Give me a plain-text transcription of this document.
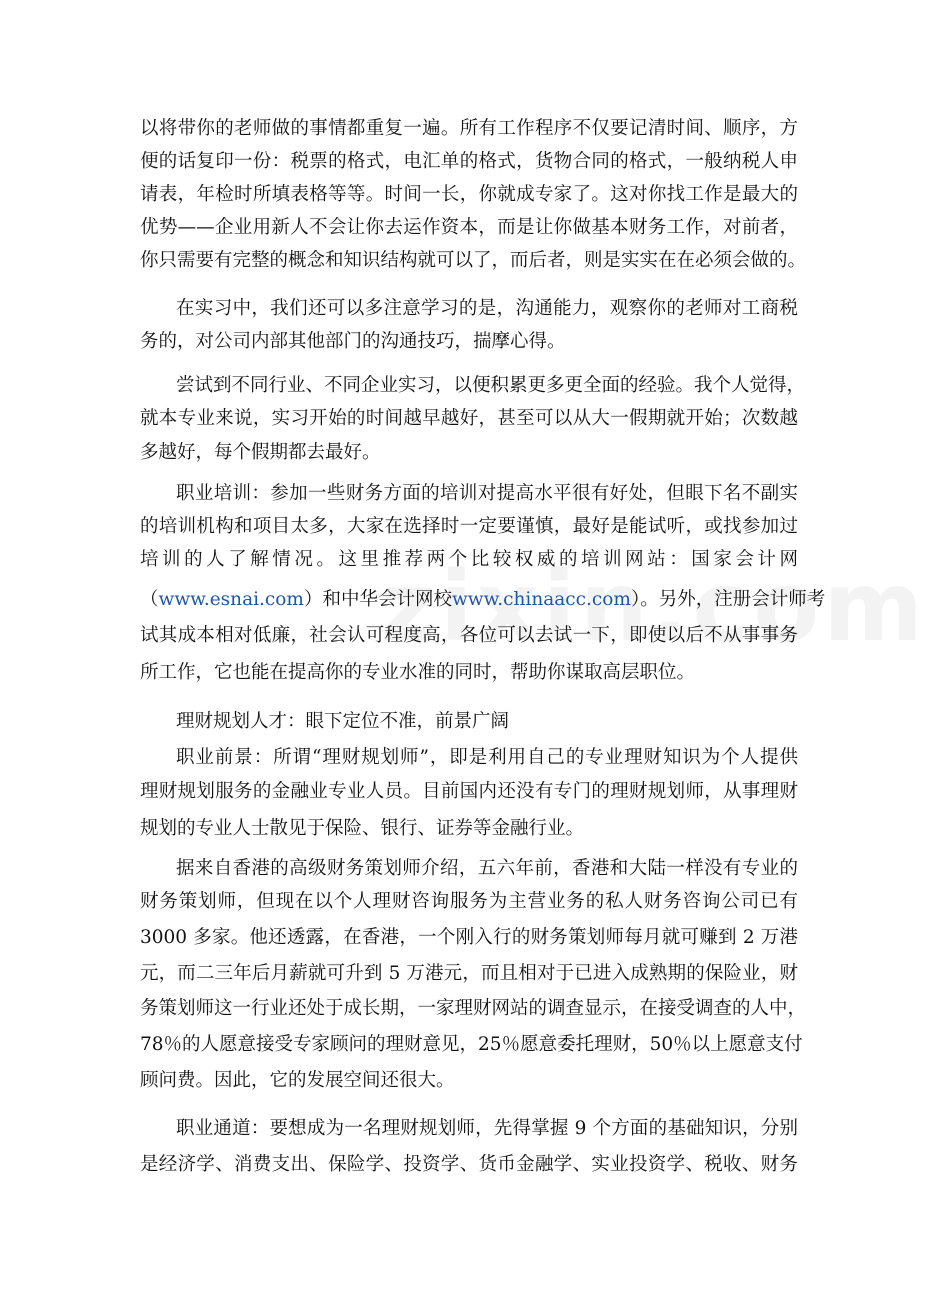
以将带你的老师做的事情都重复一遍。所有工作程序不仅要记清时间、顺序，方
便的话复印一份：税票的格式，电汇单的格式，货物合同的格式，一般纳税人申
请表，年检时所填表格等等。时间一长，你就成专家了。这对你找工作是最大的
优势——企业用新人不会让你去运作资本，而是让你做基本财务工作，对前者，
你只需要有完整的概念和知识结构就可以了，而后者，则是实实在在必须会做的。
在实习中，我们还可以多注意学习的是，沟通能力，观察你的老师对工商税
务的，对公司内部其他部门的沟通技巧，揣摩心得。
尝试到不同行业、不同企业实习，以便积累更多更全面的经验。我个人觉得，
就本专业来说，实习开始的时间越早越好，甚至可以从大一假期就开始；次数越
多越好，每个假期都去最好。
职业培训：参加一些财务方面的培训对提高水平很有好处，但眼下名不副实
的培训机构和项目太多，大家在选择时一定要谨慎，最好是能试听，或找参加过
培训的人了解情况。这里推荐两个比较权威的培训网站：国家会计网
（www.esnai.com）和中华会计网校www.chinaacc.com）。另外，注册会计师考
试其成本相对低廉，社会认可程度高，各位可以去试一下，即使以后不从事事务
所工作，它也能在提高你的专业水准的同时，帮助你谋取高层职位。
理财规划人才：眼下定位不准，前景广阔
职业前景：所谓“理财规划师”，即是利用自己的专业理财知识为个人提供
理财规划服务的金融业专业人员。目前国内还没有专门的理财规划师，从事理财
规划的专业人士散见于保险、银行、证券等金融行业。
据来自香港的高级财务策划师介绍，五六年前，香港和大陆一样没有专业的
财务策划师，但现在以个人理财咨询服务为主营业务的私人财务咨询公司已有
3000 多家。他还透露，在香港，一个刚入行的财务策划师每月就可赚到 2 万港
元，而二三年后月薪就可升到 5 万港元，而且相对于已进入成熟期的保险业，财
务策划师这一行业还处于成长期，一家理财网站的调查显示，在接受调查的人中，
78％的人愿意接受专家顾问的理财意见，25％愿意委托理财，50％以上愿意支付
顾问费。因此，它的发展空间还很大。
职业通道：要想成为一名理财规划师，先得掌握 9 个方面的基础知识，分别
是经济学、消费支出、保险学、投资学、货币金融学、实业投资学、税收、财务
